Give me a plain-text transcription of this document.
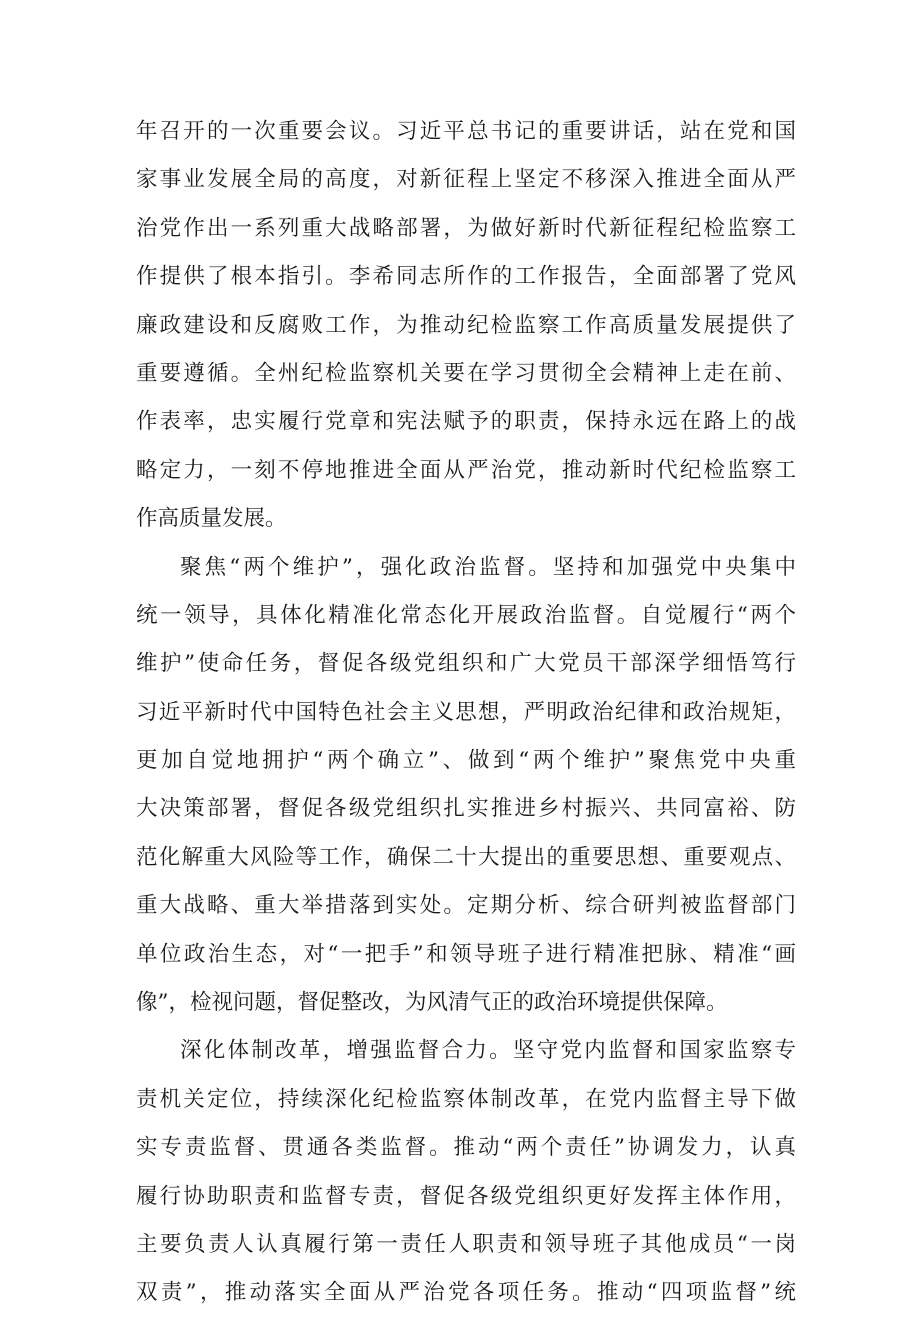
年召开的一次重要会议。习近平总书记的重要讲话，站在党和国
家事业发展全局的高度，对新征程上坚定不移深入推进全面从严
治党作出一系列重大战略部署，为做好新时代新征程纪检监察工
作提供了根本指引。李希同志所作的工作报告，全面部署了党风
廉政建设和反腐败工作，为推动纪检监察工作高质量发展提供了
重要遵循。全州纪检监察机关要在学习贯彻全会精神上走在前、
作表率，忠实履行党章和宪法赋予的职责，保持永远在路上的战
略定力，一刻不停地推进全面从严治党，推动新时代纪检监察工
作高质量发展。
聚焦“两个维护”，强化政治监督。坚持和加强党中央集中
统一领导，具体化精准化常态化开展政治监督。自觉履行“两个
维护”使命任务，督促各级党组织和广大党员干部深学细悟笃行
习近平新时代中国特色社会主义思想，严明政治纪律和政治规矩，
更加自觉地拥护“两个确立”、做到“两个维护”聚焦党中央重
大决策部署，督促各级党组织扎实推进乡村振兴、共同富裕、防
范化解重大风险等工作，确保二十大提出的重要思想、重要观点、
重大战略、重大举措落到实处。定期分析、综合研判被监督部门
单位政治生态，对“一把手”和领导班子进行精准把脉、精准“画
像”，检视问题，督促整改，为风清气正的政治环境提供保障。
深化体制改革，增强监督合力。坚守党内监督和国家监察专
责机关定位，持续深化纪检监察体制改革，在党内监督主导下做
实专责监督、贯通各类监督。推动“两个责任”协调发力，认真
履行协助职责和监督专责，督促各级党组织更好发挥主体作用，
主要负责人认真履行第一责任人职责和领导班子其他成员“一岗
双责”，推动落实全面从严治党各项任务。推动“四项监督”统
